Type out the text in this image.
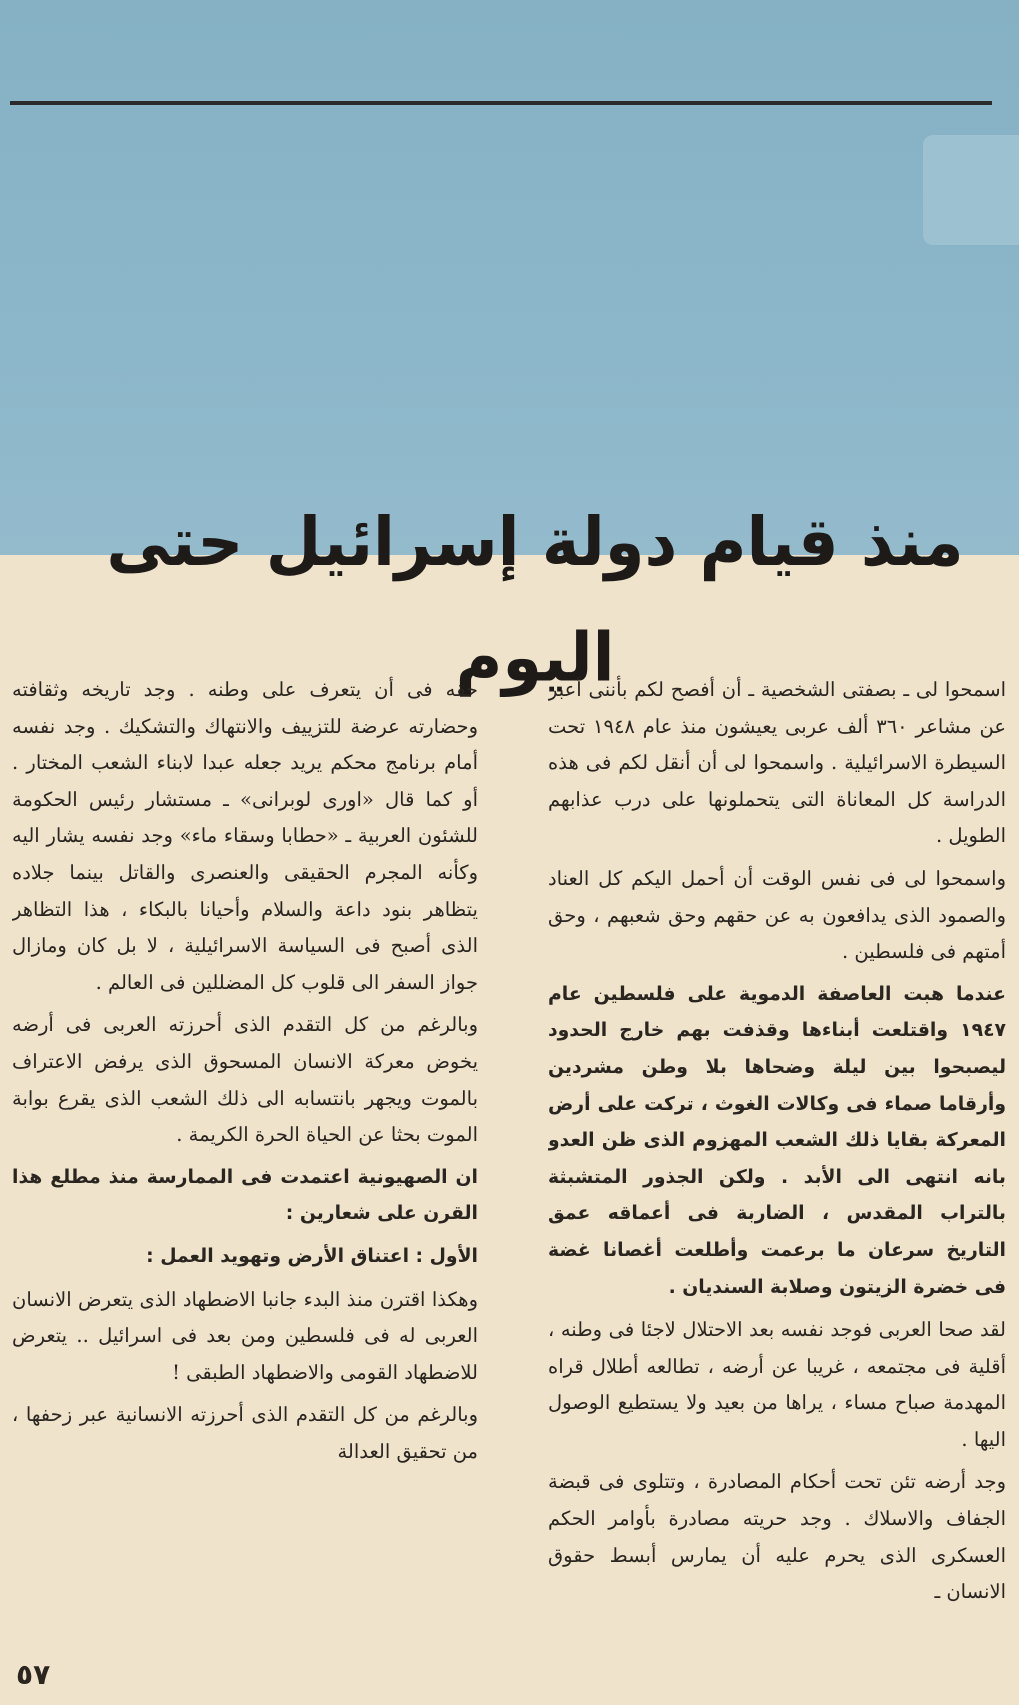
منذ قيام دولة إسرائيل حتى اليوم

اسمحوا لى ـ بصفتى الشخصية ـ أن أفصح لكم بأننى أعبر عن مشاعر ٣٦٠ ألف عربى يعيشون منذ عام ١٩٤٨ تحت السيطرة الاسرائيلية . واسمحوا لى أن أنقل لكم فى هذه الدراسة كل المعاناة التى يتحملونها على درب عذابهم الطويل .

واسمحوا لى فى نفس الوقت أن أحمل اليكم كل العناد والصمود الذى يدافعون به عن حقهم وحق شعبهم ، وحق أمتهم فى فلسطين .

عندما هبت العاصفة الدموية على فلسطين عام ١٩٤٧ واقتلعت أبناءها وقذفت بهم خارج الحدود ليصبحوا بين ليلة وضحاها بلا وطن مشردين وأرقاما صماء فى وكالات الغوث ، تركت على أرض المعركة بقايا ذلك الشعب المهزوم الذى ظن العدو بانه انتهى الى الأبد . ولكن الجذور المتشبثة بالتراب المقدس ، الضاربة فى أعماقه عمق التاريخ سرعان ما برعمت وأطلعت أغصانا غضة فى خضرة الزيتون وصلابة السنديان .

لقد صحا العربى فوجد نفسه بعد الاحتلال لاجئا فى وطنه ، أقلية فى مجتمعه ، غريبا عن أرضه ، تطالعه أطلال قراه المهدمة صباح مساء ، يراها من بعيد ولا يستطيع الوصول اليها .

وجد أرضه تئن تحت أحكام المصادرة ، وتتلوى فى قبضة الجفاف والاسلاك . وجد حريته مصادرة بأوامر الحكم العسكرى الذى يحرم عليه أن يمارس أبسط حقوق الانسان ـ

حقه فى أن يتعرف على وطنه . وجد تاريخه وثقافته وحضارته عرضة للتزييف والانتهاك والتشكيك . وجد نفسه أمام برنامج محكم يريد جعله عبدا لابناء الشعب المختار . أو كما قال «اورى لوبرانى» ـ مستشار رئيس الحكومة للشئون العربية ـ «حطابا وسقاء ماء» وجد نفسه يشار اليه وكأنه المجرم الحقيقى والعنصرى والقاتل بينما جلاده يتظاهر بنود داعة والسلام وأحيانا بالبكاء ، هذا التظاهر الذى أصبح فى السياسة الاسرائيلية ، لا بل كان ومازال جواز السفر الى قلوب كل المضللين فى العالم .

وبالرغم من كل التقدم الذى أحرزته العربى فى أرضه يخوض معركة الانسان المسحوق الذى يرفض الاعتراف بالموت ويجهر بانتسابه الى ذلك الشعب الذى يقرع بوابة الموت بحثا عن الحياة الحرة الكريمة .

ان الصهيونية اعتمدت فى الممارسة منذ مطلع هذا القرن على شعارين :

الأول : اعتناق الأرض وتهويد العمل :

وهكذا اقترن منذ البدء جانبا الاضطهاد الذى يتعرض الانسان العربى له فى فلسطين ومن بعد فى اسرائيل .. يتعرض للاضطهاد القومى والاضطهاد الطبقى !

وبالرغم من كل التقدم الذى أحرزته الانسانية عبر زحفها ، من تحقيق العدالة

٥٧
